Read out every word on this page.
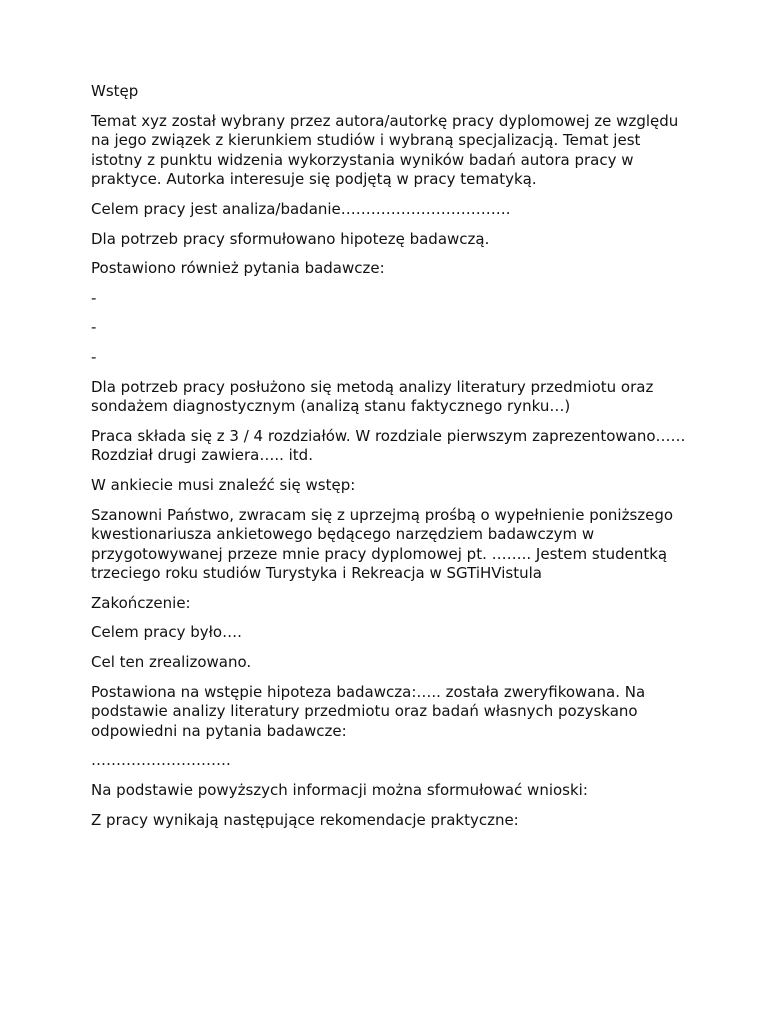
Wstęp

Temat xyz został wybrany przez autora/autorkę pracy dyplomowej ze względu na jego związek z kierunkiem studiów i wybraną specjalizacją. Temat jest istotny z punktu widzenia wykorzystania wyników badań autora pracy w praktyce. Autorka interesuje się podjętą w pracy tematyką.

Celem pracy jest analiza/badanie…………………………….

Dla potrzeb pracy sformułowano hipotezę badawczą.

Postawiono również pytania badawcze:

-

-

-

Dla potrzeb pracy posłużono się metodą analizy literatury przedmiotu oraz sondażem diagnostycznym (analizą stanu faktycznego rynku…)

Praca składa się z 3 / 4 rozdziałów. W rozdziale pierwszym zaprezentowano…… Rozdział drugi zawiera….. itd.

W ankiecie musi znaleźć się wstęp:

Szanowni Państwo, zwracam się z uprzejmą prośbą o wypełnienie poniższego kwestionariusza ankietowego będącego narzędziem badawczym w przygotowywanej przeze mnie pracy dyplomowej pt. …….. Jestem studentką trzeciego roku studiów Turystyka i Rekreacja w SGTiHVistula

Zakończenie:

Celem pracy było….

Cel ten zrealizowano.

Postawiona na wstępie hipoteza badawcza:….. została zweryfikowana. Na podstawie analizy literatury przedmiotu oraz badań własnych pozyskano odpowiedni na pytania badawcze:

……………………….

Na podstawie powyższych informacji można sformułować wnioski:

Z pracy wynikają następujące rekomendacje praktyczne:
